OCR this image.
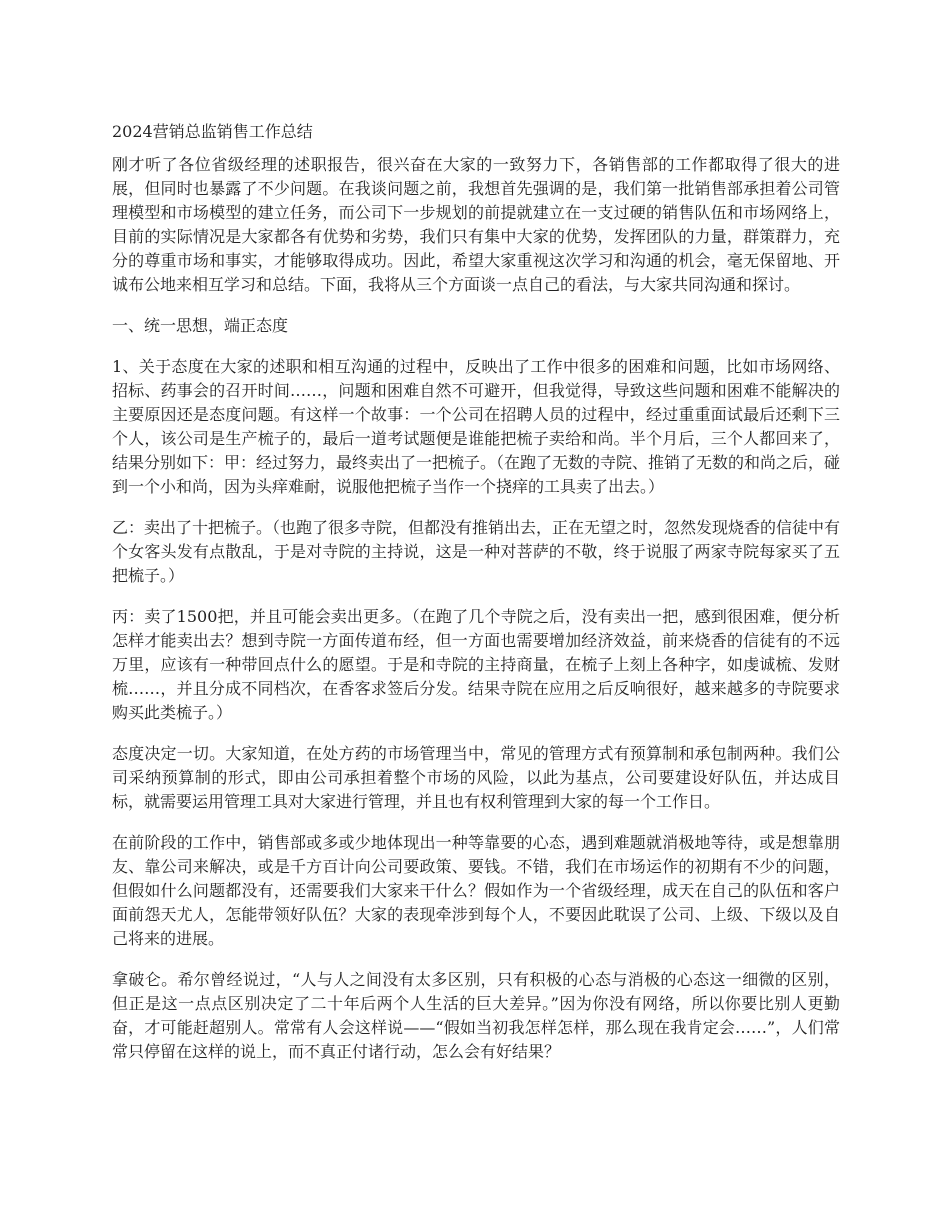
2024营销总监销售工作总结

刚才听了各位省级经理的述职报告，很兴奋在大家的一致努力下，各销售部的工作都取得了很大的进展，但同时也暴露了不少问题。在我谈问题之前，我想首先强调的是，我们第一批销售部承担着公司管理模型和市场模型的建立任务，而公司下一步规划的前提就建立在一支过硬的销售队伍和市场网络上，目前的实际情况是大家都各有优势和劣势，我们只有集中大家的优势，发挥团队的力量，群策群力，充分的尊重市场和事实，才能够取得成功。因此，希望大家重视这次学习和沟通的机会，毫无保留地、开诚布公地来相互学习和总结。下面，我将从三个方面谈一点自己的看法，与大家共同沟通和探讨。

一、统一思想，端正态度

1、关于态度在大家的述职和相互沟通的过程中，反映出了工作中很多的困难和问题，比如市场网络、招标、药事会的召开时间……，问题和困难自然不可避开，但我觉得，导致这些问题和困难不能解决的主要原因还是态度问题。有这样一个故事：一个公司在招聘人员的过程中，经过重重面试最后还剩下三个人，该公司是生产梳子的，最后一道考试题便是谁能把梳子卖给和尚。半个月后，三个人都回来了，结果分别如下：甲：经过努力，最终卖出了一把梳子。（在跑了无数的寺院、推销了无数的和尚之后，碰到一个小和尚，因为头痒难耐，说服他把梳子当作一个挠痒的工具卖了出去。）

乙：卖出了十把梳子。（也跑了很多寺院，但都没有推销出去，正在无望之时，忽然发现烧香的信徒中有个女客头发有点散乱，于是对寺院的主持说，这是一种对菩萨的不敬，终于说服了两家寺院每家买了五把梳子。）

丙：卖了1500把，并且可能会卖出更多。（在跑了几个寺院之后，没有卖出一把，感到很困难，便分析怎样才能卖出去？想到寺院一方面传道布经，但一方面也需要增加经济效益，前来烧香的信徒有的不远万里，应该有一种带回点什么的愿望。于是和寺院的主持商量，在梳子上刻上各种字，如虔诚梳、发财梳……，并且分成不同档次，在香客求签后分发。结果寺院在应用之后反响很好，越来越多的寺院要求购买此类梳子。）

态度决定一切。大家知道，在处方药的市场管理当中，常见的管理方式有预算制和承包制两种。我们公司采纳预算制的形式，即由公司承担着整个市场的风险，以此为基点，公司要建设好队伍，并达成目标，就需要运用管理工具对大家进行管理，并且也有权利管理到大家的每一个工作日。

在前阶段的工作中，销售部或多或少地体现出一种等靠要的心态，遇到难题就消极地等待，或是想靠朋友、靠公司来解决，或是千方百计向公司要政策、要钱。不错，我们在市场运作的初期有不少的问题，但假如什么问题都没有，还需要我们大家来干什么？假如作为一个省级经理，成天在自己的队伍和客户面前怨天尤人，怎能带领好队伍？大家的表现牵涉到每个人，不要因此耽误了公司、上级、下级以及自己将来的进展。

拿破仑。希尔曾经说过，“人与人之间没有太多区别，只有积极的心态与消极的心态这一细微的区别，但正是这一点点区别决定了二十年后两个人生活的巨大差异。”因为你没有网络，所以你要比别人更勤奋，才可能赶超别人。常常有人会这样说——“假如当初我怎样怎样，那么现在我肯定会……”，人们常常只停留在这样的说上，而不真正付诸行动，怎么会有好结果？
